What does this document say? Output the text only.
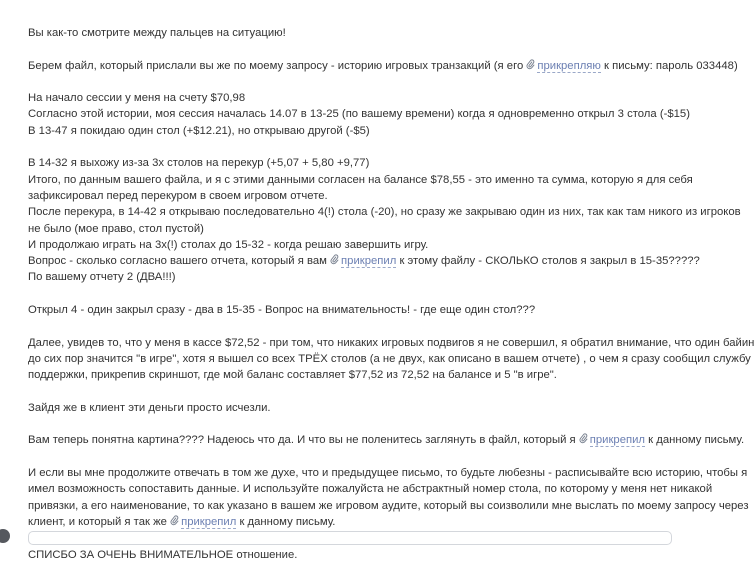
Вы как-то смотрите между пальцев на ситуацию!

Берем файл, который прислали вы же по моему запросу - историю игровых транзакций (я его прикрепляю к письму: пароль 033448)

На начало сессии у меня на счету $70,98
Согласно этой истории, моя сессия началась 14.07 в 13-25 (по вашему времени) когда я одновременно открыл 3 стола (-$15)
В 13-47 я покидаю один стол (+$12.21), но открываю другой (-$5)

В 14-32 я выхожу из-за 3х столов на перекур (+5,07 + 5,80 +9,77)
Итого, по данным вашего файла, и я с этими данными согласен на балансе $78,55 - это именно та сумма, которую я для себя
зафиксировал перед перекуром в своем игровом отчете.
После перекура, в 14-42 я открываю последовательно 4(!) стола (-20), но сразу же закрываю один из них, так как там никого из игроков
не было (мое право, стол пустой)
И продолжаю играть на 3х(!) столах до 15-32 - когда решаю завершить игру.
Вопрос - сколько согласно вашего отчета, который я вам прикрепил к этому файлу - СКОЛЬКО столов я закрыл в 15-35?????
По вашему отчету 2 (ДВА!!!)

Открыл 4 - один закрыл сразу - два в 15-35 - Вопрос на внимательность! - где еще один стол???

Далее, увидев то, что у меня в кассе $72,52 - при том, что никаких игровых подвигов я не совершил, я обратил внимание, что один байин
до сих пор значится "в игре", хотя я вышел со всех ТРЁХ столов (а не двух, как описано в вашем отчете) , о чем я сразу сообщил службу
поддержки, прикрепив скриншот, где мой баланс составляет $77,52 из 72,52 на балансе и 5 "в игре".

Зайдя же в клиент эти деньги просто исчезли.

Вам теперь понятна картина???? Надеюсь что да. И что вы не поленитесь заглянуть в файл, который я прикрепил к данному письму.

И если вы мне продолжите отвечать в том же духе, что и предыдущее письмо, то будьте любезны - расписывайте всю историю, чтобы я
имел возможность сопоставить данные. И используйте пожалуйста не абстрактный номер стола, по которому у меня нет никакой
привязки, а его наименование, то как указано в вашем же игровом аудите, который вы соизволили мне выслать по моему запросу через
клиент, и который я так же прикрепил к данному письму.

СПИСБО ЗА ОЧЕНЬ ВНИМАТЕЛЬНОЕ отношение.
